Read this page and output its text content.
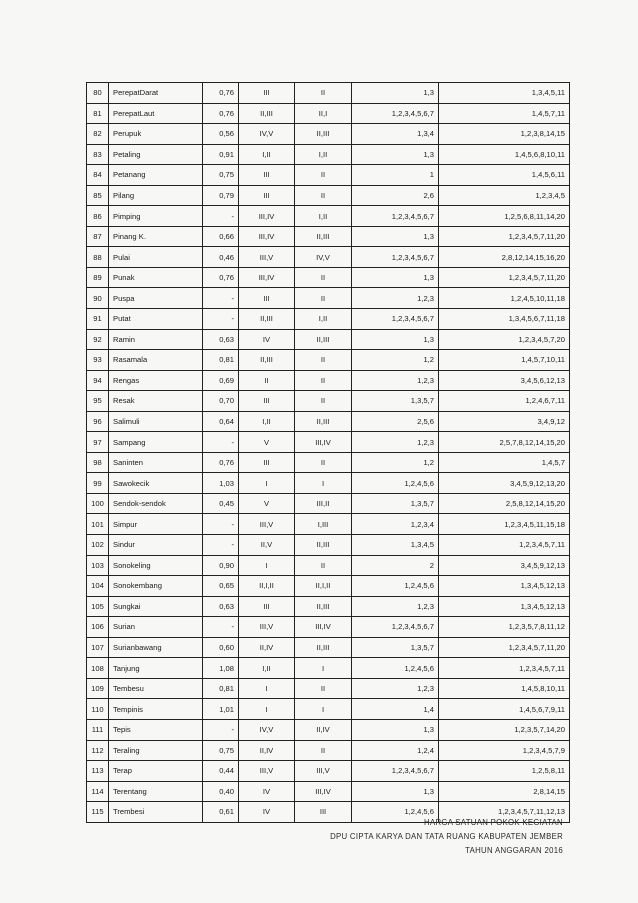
80	PerepatDarat	0,76	III	II	1,3	1,3,4,5,11
81	PerepatLaut	0,76	II,III	II,I	1,2,3,4,5,6,7	1,4,5,7,11
82	Perupuk	0,56	IV,V	II,III	1,3,4	1,2,3,8,14,15
83	Petaling	0,91	I,II	I,II	1,3	1,4,5,6,8,10,11
84	Petanang	0,75	III	II	1	1,4,5,6,11
85	Pilang	0,79	III	II	2,6	1,2,3,4,5
86	Pimping	-	III,IV	I,II	1,2,3,4,5,6,7	1,2,5,6,8,11,14,20
87	Pinang K.	0,66	III,IV	II,III	1,3	1,2,3,4,5,7,11,20
88	Pulai	0,46	III,V	IV,V	1,2,3,4,5,6,7	2,8,12,14,15,16,20
89	Punak	0,76	III,IV	II	1,3	1,2,3,4,5,7,11,20
90	Puspa	-	III	II	1,2,3	1,2,4,5,10,11,18
91	Putat	-	II,III	I,II	1,2,3,4,5,6,7	1,3,4,5,6,7,11,18
92	Ramin	0,63	IV	II,III	1,3	1,2,3,4,5,7,20
93	Rasamala	0,81	II,III	II	1,2	1,4,5,7,10,11
94	Rengas	0,69	II	II	1,2,3	3,4,5,6,12,13
95	Resak	0,70	III	II	1,3,5,7	1,2,4,6,7,11
96	Salimuli	0,64	I,II	II,III	2,5,6	3,4,9,12
97	Sampang	-	V	III,IV	1,2,3	2,5,7,8,12,14,15,20
98	Saninten	0,76	III	II	1,2	1,4,5,7
99	Sawokecik	1,03	I	I	1,2,4,5,6	3,4,5,9,12,13,20
100	Sendok-sendok	0,45	V	III,II	1,3,5,7	2,5,8,12,14,15,20
101	Simpur	-	III,V	I,III	1,2,3,4	1,2,3,4,5,11,15,18
102	Sindur	-	II,V	II,III	1,3,4,5	1,2,3,4,5,7,11
103	Sonokeling	0,90	I	II	2	3,4,5,9,12,13
104	Sonokembang	0,65	II,I,II	II,I,II	1,2,4,5,6	1,3,4,5,12,13
105	Sungkai	0,63	III	II,III	1,2,3	1,3,4,5,12,13
106	Surian	-	III,V	III,IV	1,2,3,4,5,6,7	1,2,3,5,7,8,11,12
107	Surianbawang	0,60	II,IV	II,III	1,3,5,7	1,2,3,4,5,7,11,20
108	Tanjung	1,08	I,II	I	1,2,4,5,6	1,2,3,4,5,7,11
109	Tembesu	0,81	I	II	1,2,3	1,4,5,8,10,11
110	Tempinis	1,01	I	I	1,4	1,4,5,6,7,9,11
111	Tepis	-	IV,V	II,IV	1,3	1,2,3,5,7,14,20
112	Teraling	0,75	II,IV	II	1,2,4	1,2,3,4,5,7,9
113	Terap	0,44	III,V	III,V	1,2,3,4,5,6,7	1,2,5,8,11
114	Terentang	0,40	IV	III,IV	1,3	2,8,14,15
115	Trembesi	0,61	IV	III	1,2,4,5,6	1,2,3,4,5,7,11,12,13
HARGA SATUAN POKOK KEGIATAN
DPU CIPTA KARYA DAN TATA RUANG KABUPATEN JEMBER
TAHUN ANGGARAN 2016
